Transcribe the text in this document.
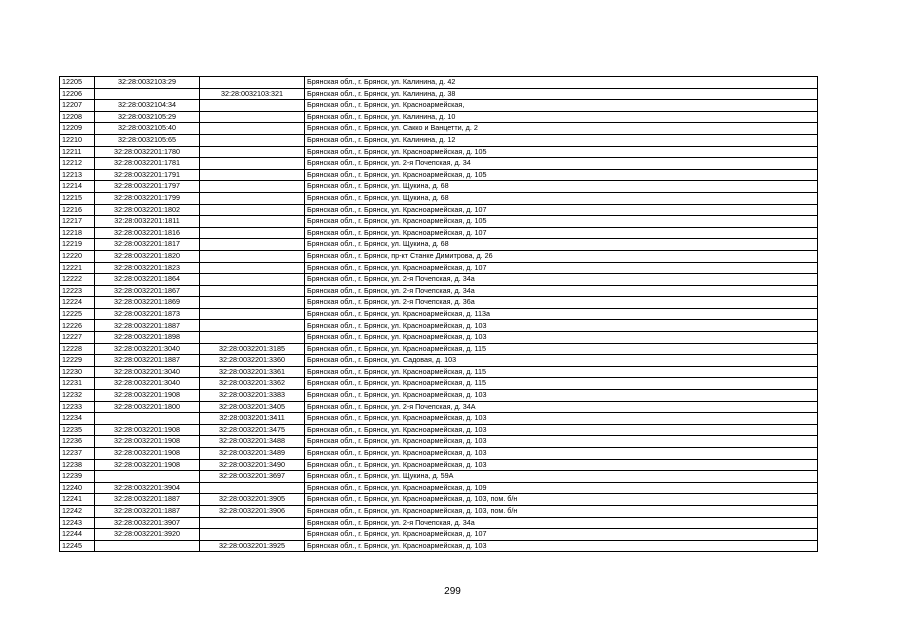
12205	32:28:0032103:29		Брянская обл., г. Брянск, ул. Калинина, д. 42
12206		32:28:0032103:321	Брянская обл., г. Брянск, ул. Калинина, д. 38
12207	32:28:0032104:34		Брянская обл., г. Брянск, ул. Красноармейская,
12208	32:28:0032105:29		Брянская обл., г. Брянск, ул. Калинина, д. 10
12209	32:28:0032105:40		Брянская обл., г. Брянск, ул. Сакко и Ванцетти, д. 2
12210	32:28:0032105:65		Брянская обл., г. Брянск, ул. Калинина, д. 12
12211	32:28:0032201:1780		Брянская обл., г. Брянск, ул. Красноармейская, д. 105
12212	32:28:0032201:1781		Брянская обл., г. Брянск, ул. 2-я Почепская, д. 34
12213	32:28:0032201:1791		Брянская обл., г. Брянск, ул. Красноармейская, д. 105
12214	32:28:0032201:1797		Брянская обл., г. Брянск, ул. Щукина, д. 68
12215	32:28:0032201:1799		Брянская обл., г. Брянск, ул. Щукина, д. 68
12216	32:28:0032201:1802		Брянская обл., г. Брянск, ул. Красноармейская, д. 107
12217	32:28:0032201:1811		Брянская обл., г. Брянск, ул. Красноармейская, д. 105
12218	32:28:0032201:1816		Брянская обл., г. Брянск, ул. Красноармейская, д. 107
12219	32:28:0032201:1817		Брянская обл., г. Брянск, ул. Щукина, д. 68
12220	32:28:0032201:1820		Брянская обл., г. Брянск, пр-кт Станке Димитрова, д. 26
12221	32:28:0032201:1823		Брянская обл., г. Брянск, ул. Красноармейская, д. 107
12222	32:28:0032201:1864		Брянская обл., г. Брянск, ул. 2-я Почепская, д. 34а
12223	32:28:0032201:1867		Брянская обл., г. Брянск, ул. 2-я Почепская, д. 34а
12224	32:28:0032201:1869		Брянская обл., г. Брянск, ул. 2-я Почепская, д. 36а
12225	32:28:0032201:1873		Брянская обл., г. Брянск, ул. Красноармейская, д. 113а
12226	32:28:0032201:1887		Брянская обл., г. Брянск, ул. Красноармейская, д. 103
12227	32:28:0032201:1898		Брянская обл., г. Брянск, ул. Красноармейская, д. 103
12228	32:28:0032201:3040	32:28:0032201:3185	Брянская обл., г. Брянск, ул. Красноармейская, д. 115
12229	32:28:0032201:1887	32:28:0032201:3360	Брянская обл., г. Брянск, ул. Садовая, д. 103
12230	32:28:0032201:3040	32:28:0032201:3361	Брянская обл., г. Брянск, ул. Красноармейская, д. 115
12231	32:28:0032201:3040	32:28:0032201:3362	Брянская обл., г. Брянск, ул. Красноармейская, д. 115
12232	32:28:0032201:1908	32:28:0032201:3383	Брянская обл., г. Брянск, ул. Красноармейская, д. 103
12233	32:28:0032201:1800	32:28:0032201:3405	Брянская обл., г. Брянск, ул. 2-я Почепская, д. 34А
12234		32:28:0032201:3411	Брянская обл., г. Брянск, ул. Красноармейская, д. 103
12235	32:28:0032201:1908	32:28:0032201:3475	Брянская обл., г. Брянск, ул. Красноармейская, д. 103
12236	32:28:0032201:1908	32:28:0032201:3488	Брянская обл., г. Брянск, ул. Красноармейская, д. 103
12237	32:28:0032201:1908	32:28:0032201:3489	Брянская обл., г. Брянск, ул. Красноармейская, д. 103
12238	32:28:0032201:1908	32:28:0032201:3490	Брянская обл., г. Брянск, ул. Красноармейская, д. 103
12239		32:28:0032201:3697	Брянская обл., г. Брянск, ул. Щукина, д. 59А
12240	32:28:0032201:3904		Брянская обл., г. Брянск, ул. Красноармейская, д. 109
12241	32:28:0032201:1887	32:28:0032201:3905	Брянская обл., г. Брянск, ул. Красноармейская, д. 103, пом. б/н
12242	32:28:0032201:1887	32:28:0032201:3906	Брянская обл., г. Брянск, ул. Красноармейская, д. 103, пом. б/н
12243	32:28:0032201:3907		Брянская обл., г. Брянск, ул. 2-я Почепская, д. 34а
12244	32:28:0032201:3920		Брянская обл., г. Брянск, ул. Красноармейская, д. 107
12245		32:28:0032201:3925	Брянская обл., г. Брянск, ул. Красноармейская, д. 103
299
